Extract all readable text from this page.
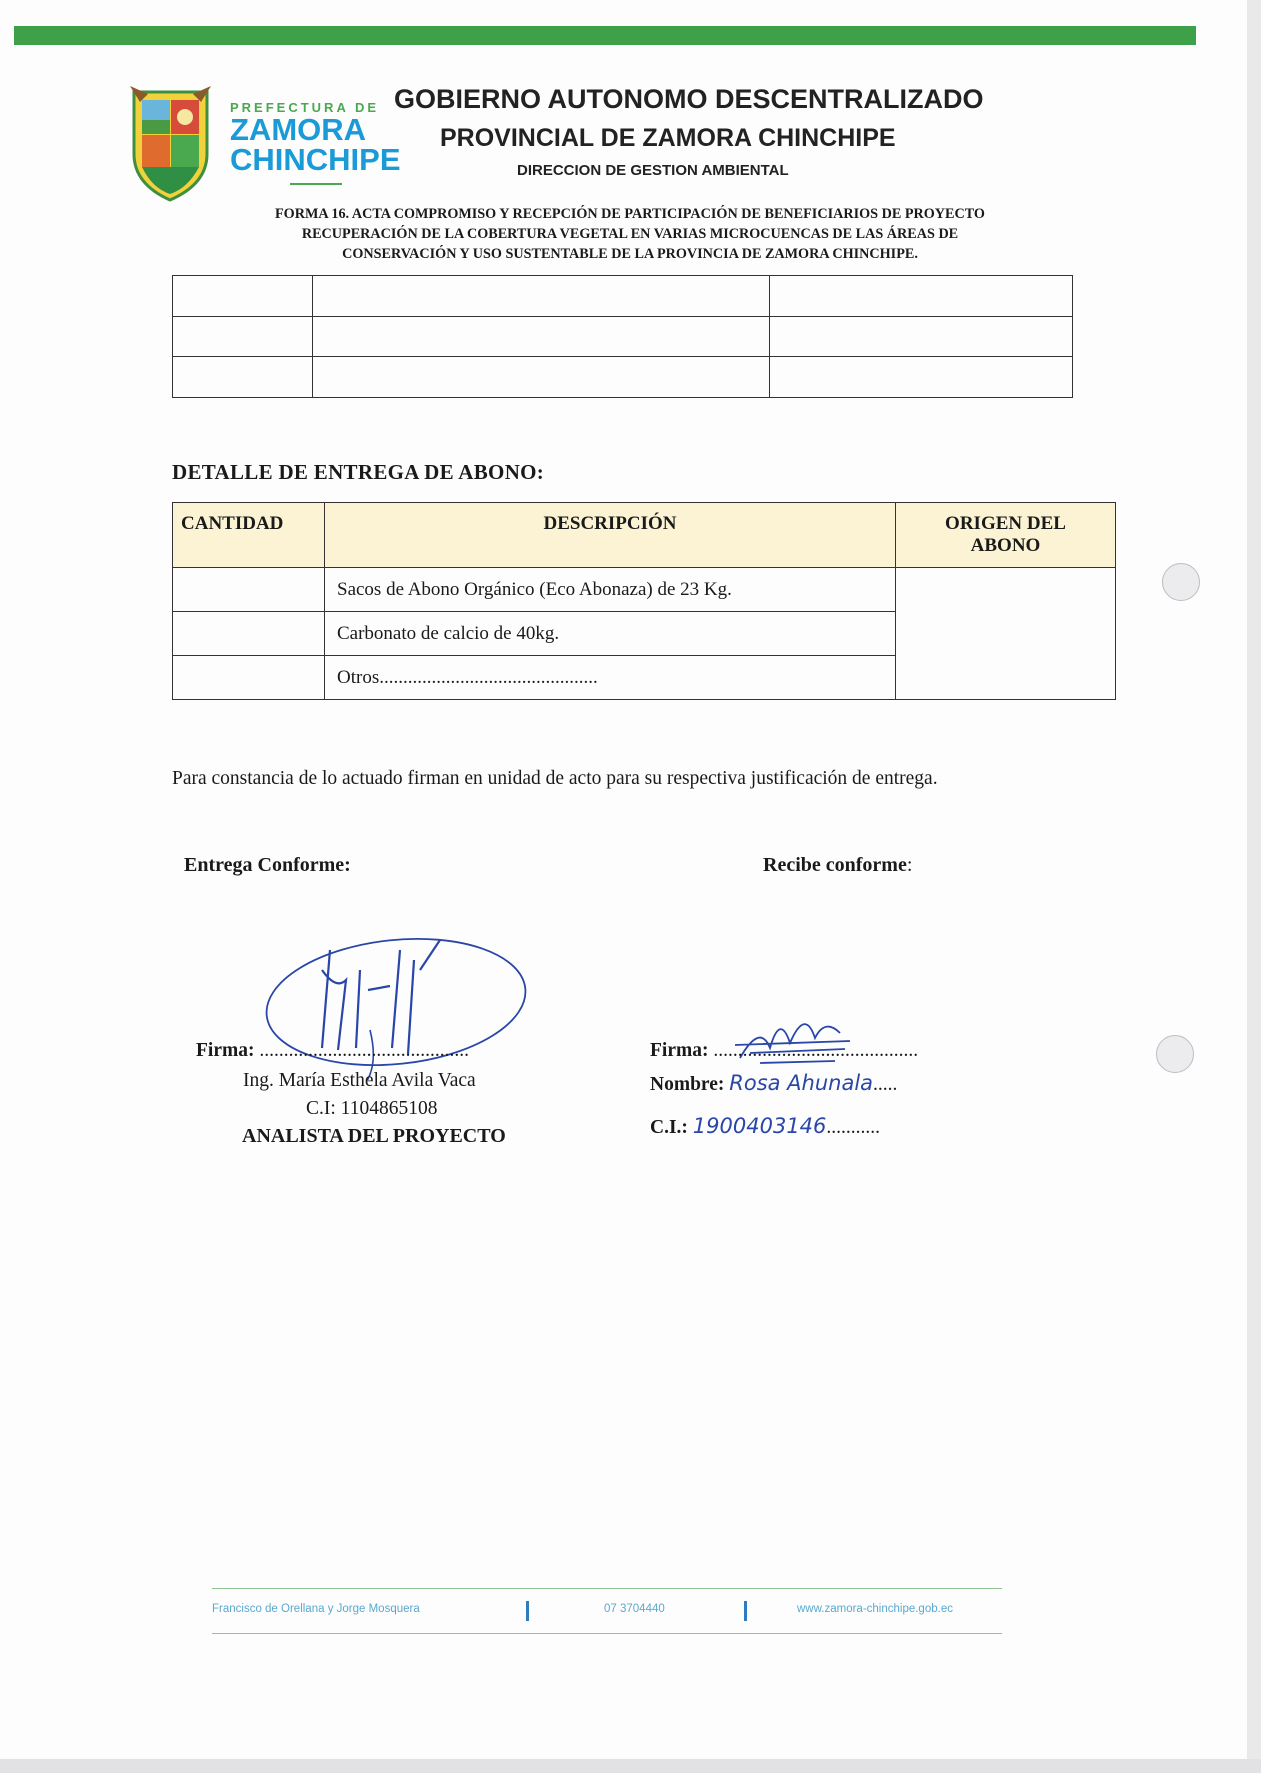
PREFECTURA DE
ZAMORA
CHINCHIPE
GOBIERNO AUTONOMO DESCENTRALIZADO
PROVINCIAL DE ZAMORA CHINCHIPE
DIRECCION DE GESTION AMBIENTAL
FORMA 16. ACTA COMPROMISO Y RECEPCIÓN DE PARTICIPACIÓN DE BENEFICIARIOS DE PROYECTO
RECUPERACIÓN DE LA COBERTURA VEGETAL EN VARIAS MICROCUENCAS DE LAS ÁREAS DE
CONSERVACIÓN Y USO SUSTENTABLE DE LA PROVINCIA DE ZAMORA CHINCHIPE.

DETALLE DE ENTREGA DE ABONO:
CANTIDAD	DESCRIPCIÓN	ORIGEN DEL ABONO
	Sacos de Abono Orgánico (Eco Abonaza) de 23 Kg.	
	Carbonato de calcio de 40kg.	
	Otros..............................................	
Para constancia de lo actuado firman en unidad de acto para su respectiva justificación de entrega.
Entrega Conforme:	Recibe conforme:
Firma: ...........................................
Ing. María Esthela Avila Vaca
C.I: 1104865108
ANALISTA DEL PROYECTO
Firma: ..........................................
Nombre: Rosa Ahunala.....
C.I.: 1900403146...........
Francisco de Orellana y Jorge Mosquera	07 3704440	www.zamora-chinchipe.gob.ec
